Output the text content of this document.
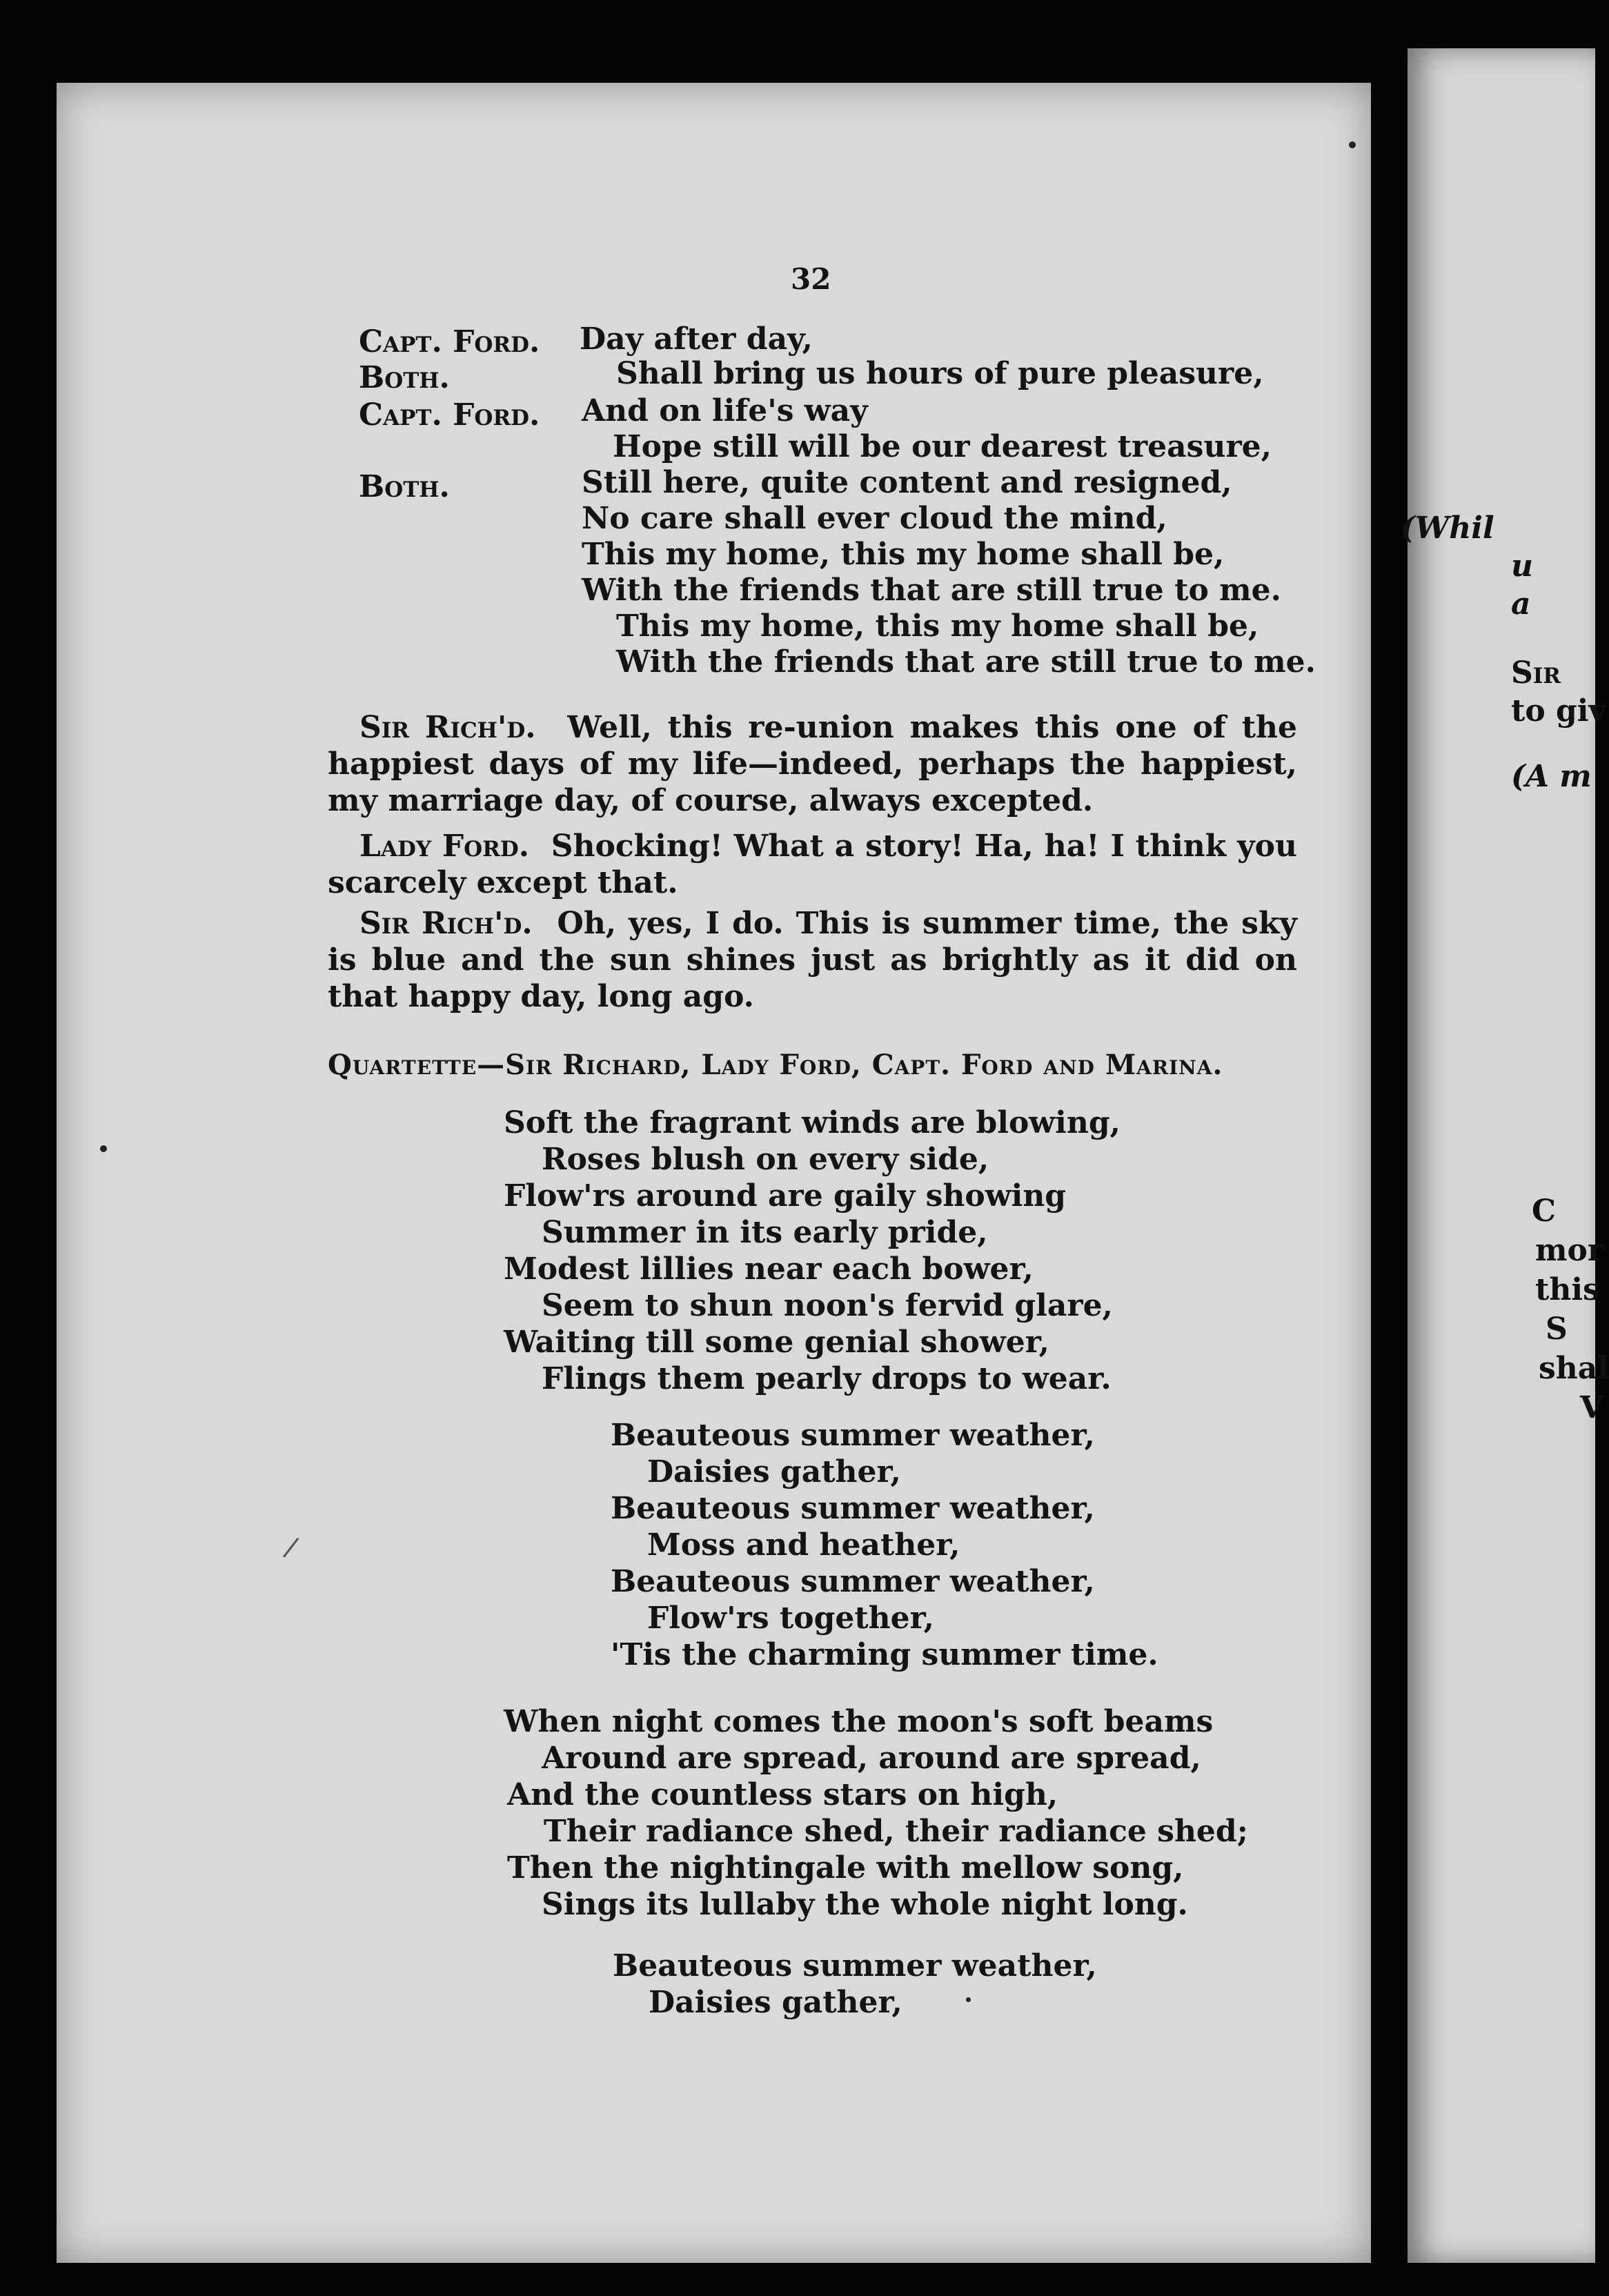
(Whil
u
a
Sir
to giv
(A m
C
mor
this
S
shal
V
32
Capt. Ford. Day after day,
Both.	Shall bring us hours of pure pleasure,
Capt. Ford. And on life's way
Hope still will be our dearest treasure,
Both.	Still here, quite content and resigned,
No care shall ever cloud the mind,
This my home, this my home shall be,
With the friends that are still true to me.
This my home, this my home shall be,
With the friends that are still true to me.
Sir Rich'd. Well, this re-union makes this one of the happiest days of my life—indeed, perhaps the happiest, my marriage day, of course, always excepted.
Lady Ford. Shocking! What a story! Ha, ha! I think you scarcely except that.
Sir Rich'd. Oh, yes, I do. This is summer time, the sky is blue and the sun shines just as brightly as it did on that happy day, long ago.
Quartette—Sir Richard, Lady Ford, Capt. Ford and Marina.
Soft the fragrant winds are blowing,
Roses blush on every side,
Flow'rs around are gaily showing
Summer in its early pride,
Modest lillies near each bower,
Seem to shun noon's fervid glare,
Waiting till some genial shower,
Flings them pearly drops to wear.
Beauteous summer weather,
Daisies gather,
Beauteous summer weather,
Moss and heather,
Beauteous summer weather,
Flow'rs together,
'Tis the charming summer time.
When night comes the moon's soft beams
Around are spread, around are spread,
And the countless stars on high,
Their radiance shed, their radiance shed;
Then the nightingale with mellow song,
Sings its lullaby the whole night long.
Beauteous summer weather,
Daisies gather,
/
